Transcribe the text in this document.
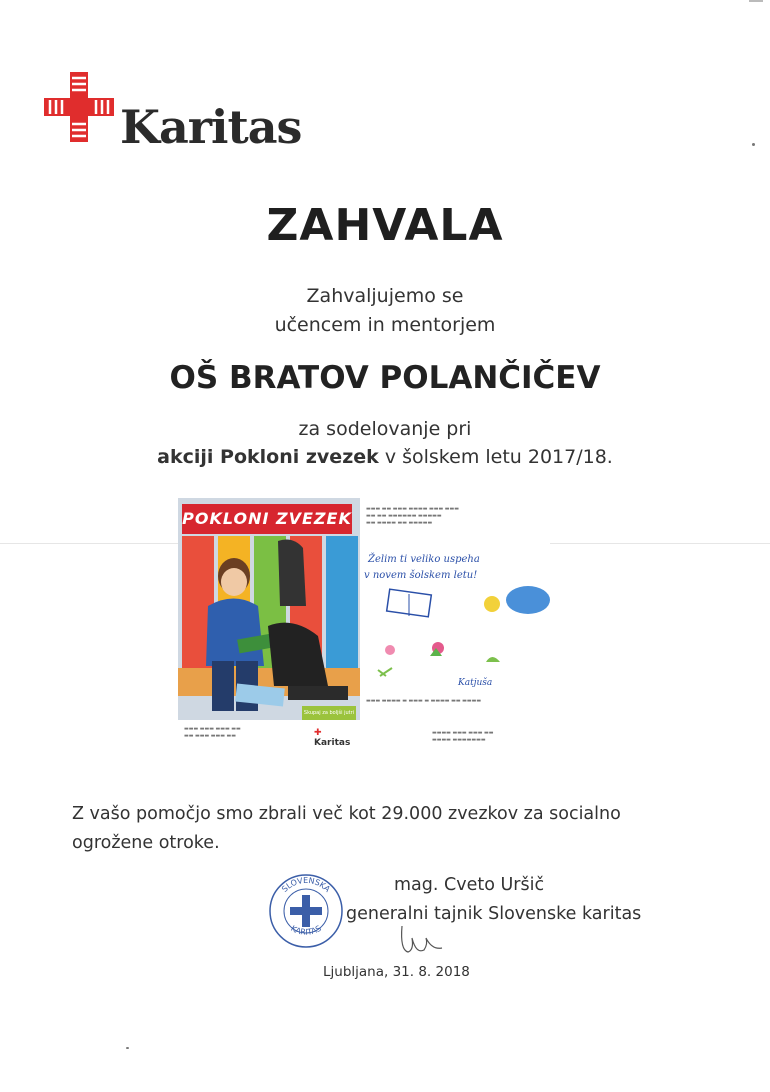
Karitas
ZAHVALA
Zahvaljujemo se
učencem in mentorjem
OŠ BRATOV POLANČIČEV
za sodelovanje pri
akciji Pokloni zvezek v šolskem letu 2017/18.
POKLONI ZVEZEK
Skupaj za boljši jutri
▬▬▬ ▬▬▬ ▬▬▬ ▬▬
▬▬ ▬▬▬ ▬▬▬ ▬▬	✚ Karitas
▬▬▬ ▬▬ ▬▬▬ ▬▬▬▬ ▬▬▬ ▬▬▬
▬▬ ▬▬ ▬▬▬▬▬▬ ▬▬▬▬▬
▬▬ ▬▬▬▬ ▬▬ ▬▬▬▬▬
Želim ti veliko uspeha
v novem šolskem letu!
Katjuša
▬▬▬ ▬▬▬▬ ▬ ▬▬▬ ▬ ▬▬▬▬ ▬▬ ▬▬▬▬
▬▬▬▬ ▬▬▬ ▬▬▬ ▬▬
▬▬▬▬ ▬▬▬▬▬▬▬
Z vašo pomočjo smo zbrali več kot 29.000 zvezkov za socialno
ogrožene otroke.
SLOVENSKA
KARITAS
mag. Cveto Uršič
generalni tajnik Slovenske karitas
Ljubljana, 31. 8. 2018
